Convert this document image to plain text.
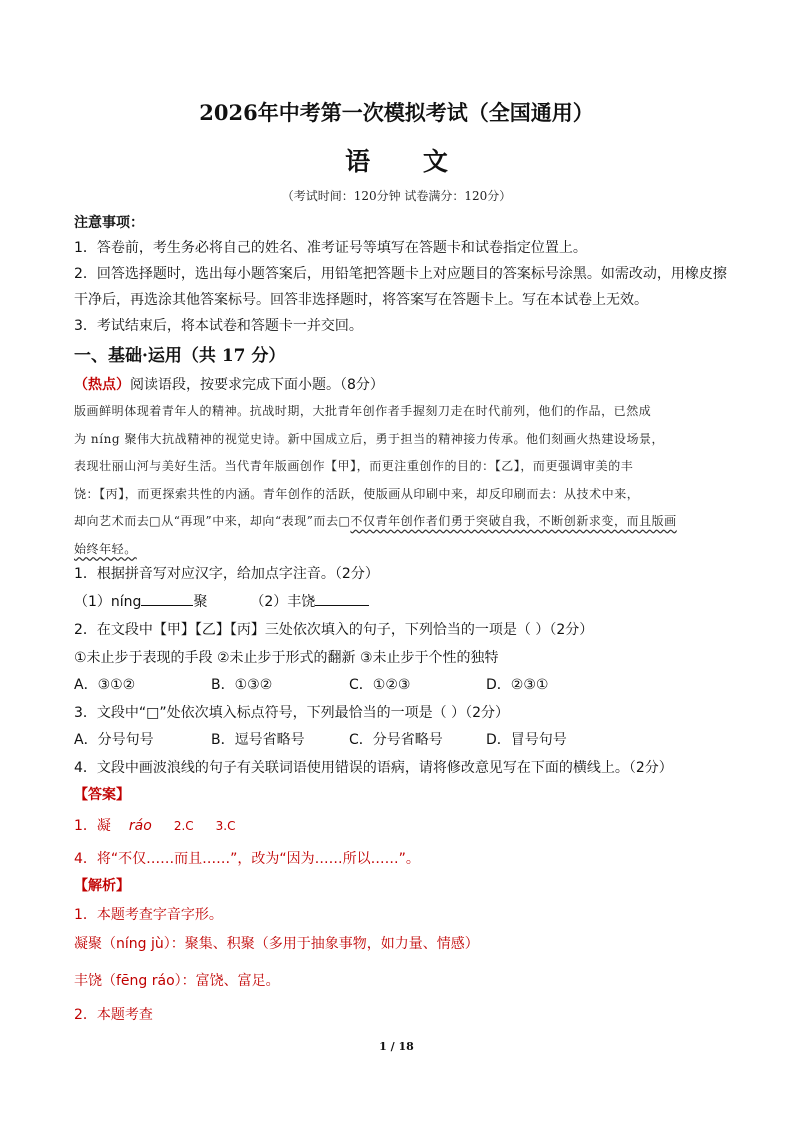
2026年中考第一次模拟考试（全国通用）
语 文
（考试时间：120分钟 试卷满分：120分）
注意事项：
1．答卷前，考生务必将自己的姓名、准考证号等填写在答题卡和试卷指定位置上。
2．回答选择题时，选出每小题答案后，用铅笔把答题卡上对应题目的答案标号涂黑。如需改动，用橡皮擦
干净后，再选涂其他答案标号。回答非选择题时，将答案写在答题卡上。写在本试卷上无效。
3．考试结束后，将本试卷和答题卡一并交回。
一、基础·运用（共 17 分）
（热点）阅读语段，按要求完成下面小题。（8分）
版画鲜明体现着青年人的精神。抗战时期，大批青年创作者手握刻刀走在时代前列，他们的作品，已然成
为 níng 聚伟大抗战精神的视觉史诗。新中国成立后，勇于担当的精神接力传承。他们刻画火热建设场景，
表现壮丽山河与美好生活。当代青年版画创作【甲】，而更注重创作的目的：【乙】，而更强调审美的丰
饶：【丙】，而更探索共性的内涵。青年创作的活跃，使版画从印刷中来，却反印刷而去：从技术中来，
却向艺术而去□从“再现”中来，却向“表现”而去□不仅青年创作者们勇于突破自我，不断创新求变，而且版画
始终年轻。
1．根据拼音写对应汉字，给加点字注音。（2分）
（1）níng	聚	（2）丰饶
2．在文段中【甲】【乙】【丙】三处依次填入的句子，下列恰当的一项是（ ）（2分）
①未止步于表现的手段 ②未止步于形式的翻新 ③未止步于个性的独特
A．③①②	B．①③②	C．①②③	D．②③①
3．文段中“□”处依次填入标点符号，下列最恰当的一项是（ ）（2分）
A．分号句号	B．逗号省略号	C．分号省略号	D．冒号句号
4．文段中画波浪线的句子有关联词语使用错误的语病，请将修改意见写在下面的横线上。（2分）
【答案】
1．凝 ráo 2.C 3.C
4．将“不仅……而且……”，改为“因为……所以……”。
【解析】
1．本题考查字音字形。
凝聚（níng jù）：聚集、积聚（多用于抽象事物，如力量、情感）
丰饶（fēng ráo）：富饶、富足。
2．本题考查
1 / 18
